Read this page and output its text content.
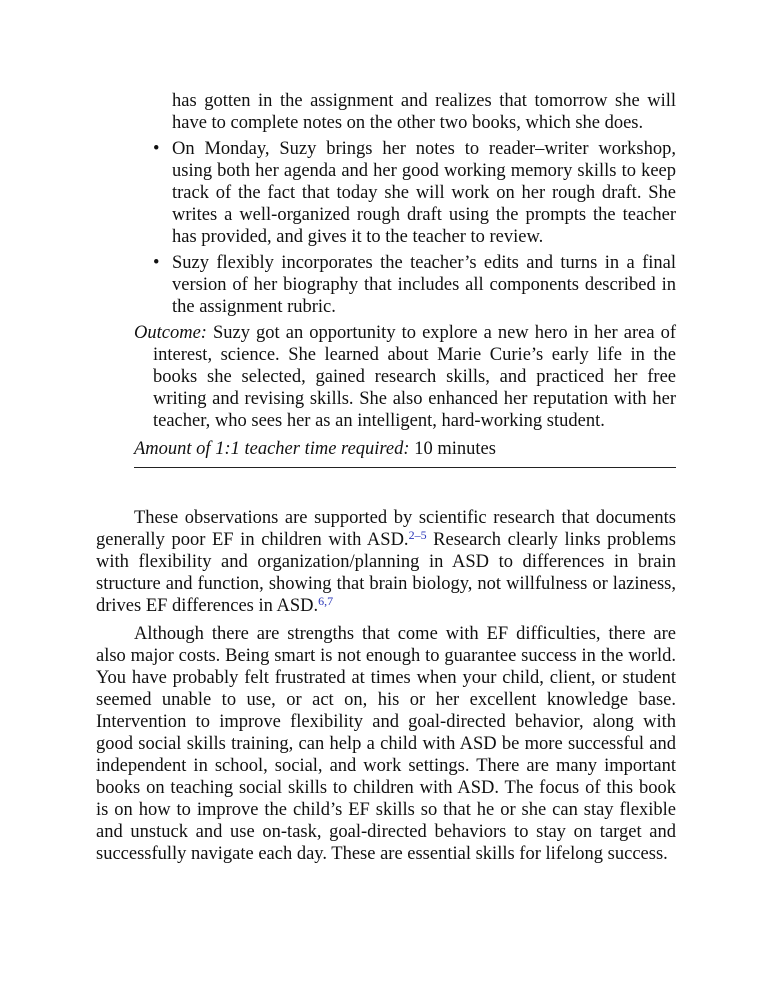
has gotten in the assignment and realizes that tomorrow she will have to complete notes on the other two books, which she does.
• On Monday, Suzy brings her notes to reader–writer workshop, using both her agenda and her good working memory skills to keep track of the fact that today she will work on her rough draft. She writes a well-organized rough draft using the prompts the teacher has provided, and gives it to the teacher to review.
• Suzy flexibly incorporates the teacher’s edits and turns in a final version of her biography that includes all components described in the assignment rubric.
Outcome: Suzy got an opportunity to explore a new hero in her area of interest, science. She learned about Marie Curie’s early life in the books she selected, gained research skills, and practiced her free writing and revising skills. She also enhanced her reputation with her teacher, who sees her as an intelligent, hard-working student.
Amount of 1:1 teacher time required: 10 minutes

These observations are supported by scientific research that documents generally poor EF in children with ASD.$^{2-5}$ Research clearly links problems with flexibility and organization/planning in ASD to differences in brain structure and function, showing that brain biology, not willfulness or laziness, drives EF differences in ASD.$^{6,7}$

Although there are strengths that come with EF difficulties, there are also major costs. Being smart is not enough to guarantee success in the world. You have probably felt frustrated at times when your child, client, or student seemed unable to use, or act on, his or her excellent knowledge base. Intervention to improve flexibility and goal-directed behavior, along with good social skills training, can help a child with ASD be more successful and independent in school, social, and work settings. There are many important books on teaching social skills to children with ASD. The focus of this book is on how to improve the child’s EF skills so that he or she can stay flexible and unstuck and use on-task, goal-directed behaviors to stay on target and successfully navigate each day. These are essential skills for lifelong success.
